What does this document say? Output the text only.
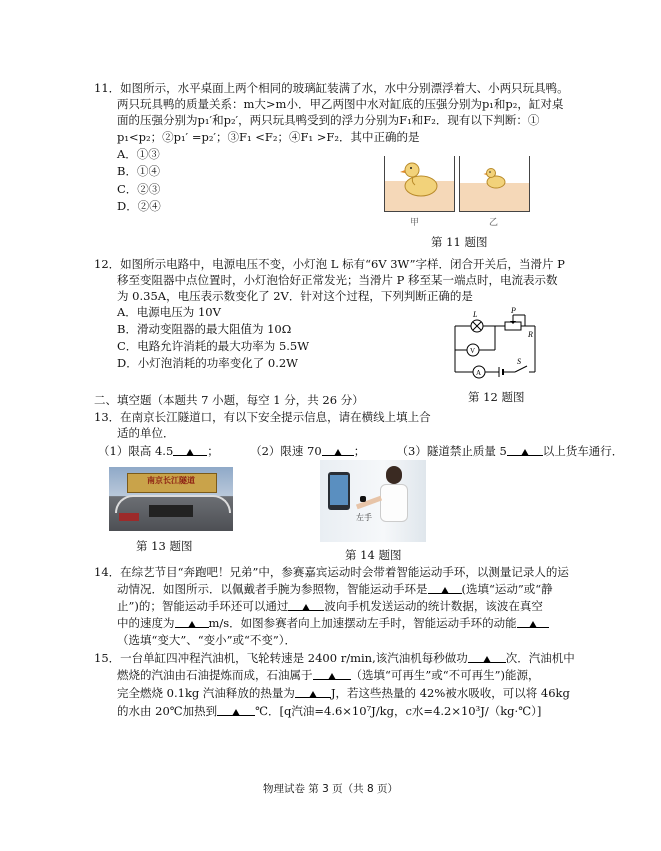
11．如图所示，水平桌面上两个相同的玻璃缸装满了水，水中分别漂浮着大、小两只玩具鸭。
两只玩具鸭的质量关系：m大>m小．甲乙两图中水对缸底的压强分别为p₁和p₂，缸对桌
面的压强分别为p₁′和p₂′，两只玩具鸭受到的浮力分别为F₁和F₂．现有以下判断：①
p₁<p₂；②p₁′ =p₂′；③F₁ <F₂；④F₁ >F₂．其中正确的是
A．①③
B．①④
C．②③
D．②④
甲	乙
第 11 题图
12．如图所示电路中，电源电压不变，小灯泡 L 标有“6V 3W”字样．闭合开关后，当滑片 P
移至变阻器中点位置时，小灯泡恰好正常发光；当滑片 P 移至某一端点时，电流表示数
为 0.35A，电压表示数变化了 2V．针对这个过程，下列判断正确的是
A．电源电压为 10V
B．滑动变阻器的最大阻值为 10Ω
C．电路允许消耗的最大功率为 5.5W
D．小灯泡消耗的功率变化了 0.2W
L	P
R
V
A
S
第 12 题图
二、填空题（本题共 7 小题，每空 1 分，共 26 分）
13．在南京长江隧道口，有以下安全提示信息，请在横线上填上合
适的单位．
（1）限高 4.5	；	（2）限速 70	；	（3）隧道禁止质量 5	以上货车通行．
南京长江隧道
第 13 题图
左手
第 14 题图
14．在综艺节目“奔跑吧！兄弟”中，参赛嘉宾运动时会带着智能运动手环，以测量记录人的运
动情况．如图所示．以佩戴者手腕为参照物，智能运动手环是	(选填“运动”或“静
止”)的；智能运动手环还可以通过	波向手机发送运动的统计数据，该波在真空
中的速度为	m/s．如图参赛者向上加速摆动左手时，智能运动手环的动能
（选填“变大”、“变小”或“不变”）．
15．一台单缸四冲程汽油机，飞轮转速是 2400 r/min,该汽油机每秒做功	次．汽油机中
燃烧的汽油由石油提炼而成，石油属于	（选填“可再生”或“不可再生”)能源，
完全燃烧 0.1kg 汽油释放的热量为	J，若这些热量的 42%被水吸收，可以将 46kg
的水由 20℃加热到	℃．[q汽油=4.6×10⁷J/kg，c水=4.2×10³J/（kg·℃）]
物理试卷 第 3 页（共 8 页）
